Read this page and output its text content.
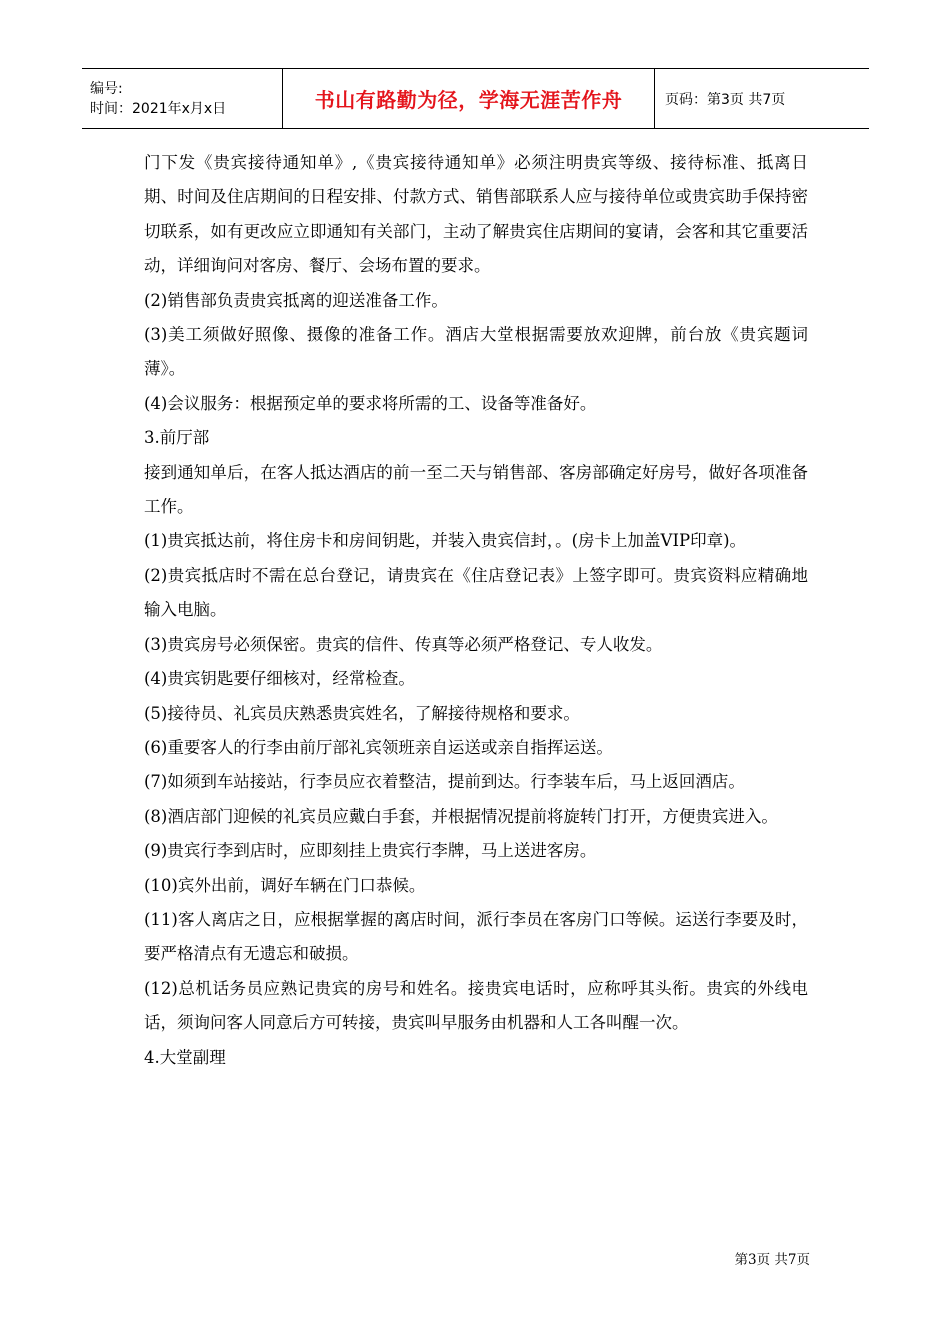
编号:
时间：2021年x月x日	书山有路勤为径，学海无涯苦作舟	页码：第3页 共7页

门下发《贵宾接待通知单》,《贵宾接待通知单》必须注明贵宾等级、接待标准、抵离日期、时间及住店期间的日程安排、付款方式、销售部联系人应与接待单位或贵宾助手保持密切联系，如有更改应立即通知有关部门，主动了解贵宾住店期间的宴请，会客和其它重要活动，详细询问对客房、餐厅、会场布置的要求。

(2)销售部负责贵宾抵离的迎送准备工作。

(3)美工须做好照像、摄像的准备工作。酒店大堂根据需要放欢迎牌，前台放《贵宾题词薄》。

(4)会议服务：根据预定单的要求将所需的工、设备等准备好。

3.前厅部

接到通知单后，在客人抵达酒店的前一至二天与销售部、客房部确定好房号，做好各项准备工作。

(1)贵宾抵达前，将住房卡和房间钥匙，并装入贵宾信封，。(房卡上加盖VIP印章)。

(2)贵宾抵店时不需在总台登记，请贵宾在《住店登记表》上签字即可。贵宾资料应精确地输入电脑。

(3)贵宾房号必须保密。贵宾的信件、传真等必须严格登记、专人收发。

(4)贵宾钥匙要仔细核对，经常检查。

(5)接待员、礼宾员庆熟悉贵宾姓名，了解接待规格和要求。

(6)重要客人的行李由前厅部礼宾领班亲自运送或亲自指挥运送。

(7)如须到车站接站，行李员应衣着整洁，提前到达。行李装车后，马上返回酒店。

(8)酒店部门迎候的礼宾员应戴白手套，并根据情况提前将旋转门打开，方便贵宾进入。

(9)贵宾行李到店时，应即刻挂上贵宾行李牌，马上送进客房。

(10)宾外出前，调好车辆在门口恭候。

(11)客人离店之日，应根据掌握的离店时间，派行李员在客房门口等候。运送行李要及时，要严格清点有无遗忘和破损。

(12)总机话务员应熟记贵宾的房号和姓名。接贵宾电话时，应称呼其头衔。贵宾的外线电话，须询问客人同意后方可转接，贵宾叫早服务由机器和人工各叫醒一次。

4.大堂副理

第3页 共7页
